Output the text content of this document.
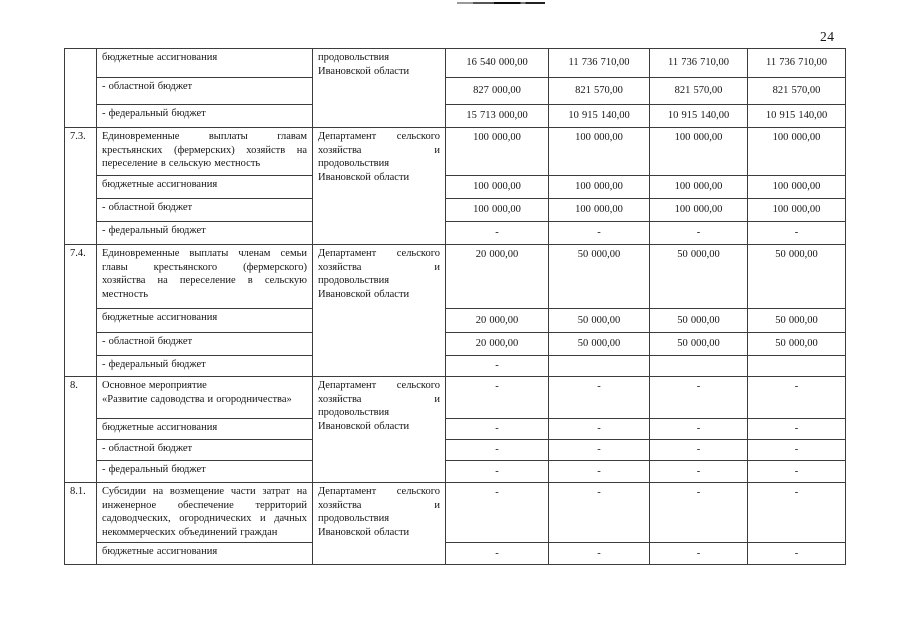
24
	бюджетные ассигнования	продовольствия Ивановской области	16 540 000,00	11 736 710,00	11 736 710,00	11 736 710,00
	- областной бюджет		827 000,00	821 570,00	821 570,00	821 570,00
	- федеральный бюджет		15 713 000,00	10 915 140,00	10 915 140,00	10 915 140,00
7.3.	Единовременные выплаты главам крестьянских (фермерских) хозяйств на переселение в сельскую местность	Департамент сельского хозяйства и продовольствия Ивановской области	100 000,00	100 000,00	100 000,00	100 000,00
	бюджетные ассигнования		100 000,00	100 000,00	100 000,00	100 000,00
	- областной бюджет		100 000,00	100 000,00	100 000,00	100 000,00
	- федеральный бюджет		-	-	-	-
7.4.	Единовременные выплаты членам семьи главы крестьянского (фермерского) хозяйства на переселение в сельскую местность	Департамент сельского хозяйства и продовольствия Ивановской области	20 000,00	50 000,00	50 000,00	50 000,00
	бюджетные ассигнования		20 000,00	50 000,00	50 000,00	50 000,00
	- областной бюджет		20 000,00	50 000,00	50 000,00	50 000,00
	- федеральный бюджет		-			
8.	Основное мероприятие
«Развитие садоводства и огородничества»	Департамент сельского хозяйства и продовольствия Ивановской области	-	-	-	-
	бюджетные ассигнования		-	-	-	-
	- областной бюджет		-	-	-	-
	- федеральный бюджет		-	-	-	-
8.1.	Субсидии на возмещение части затрат на инженерное обеспечение территорий садоводческих, огороднических и дачных некоммерческих объединений граждан	Департамент сельского хозяйства и продовольствия Ивановской области	-	-	-	-
	бюджетные ассигнования		-	-	-	-
